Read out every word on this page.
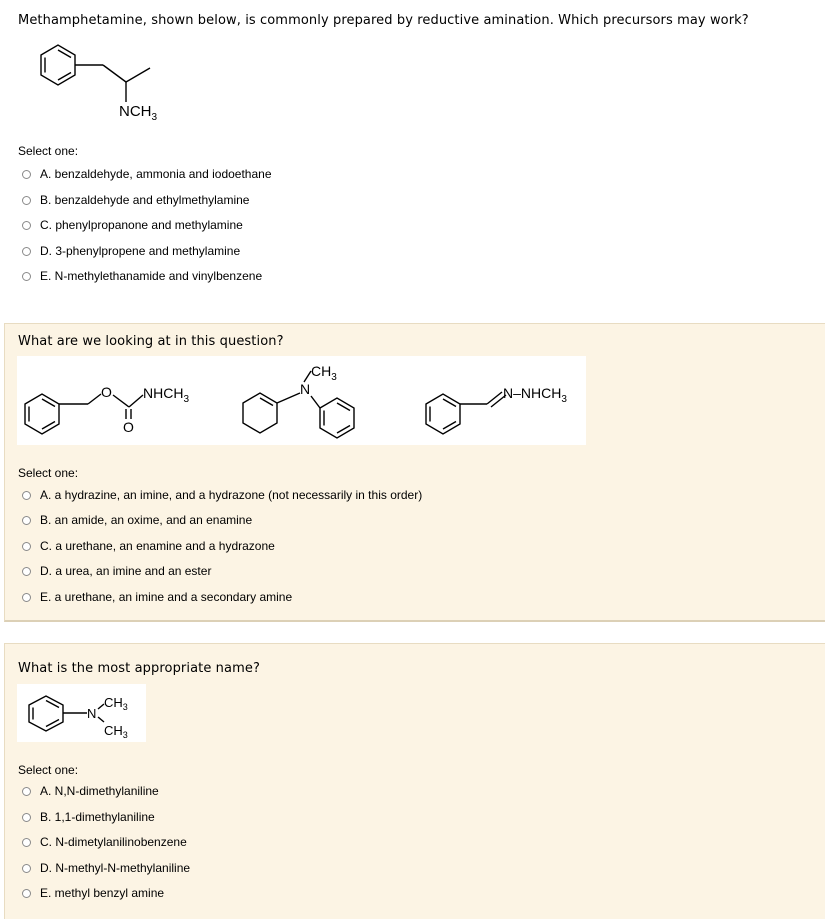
Methamphetamine, shown below, is commonly prepared by reductive amination. Which precursors may work?
$NCH_3$
Select one:
A. benzaldehyde, ammonia and iodoethane
B. benzaldehyde and ethylmethylamine
C. phenylpropanone and methylamine
D. 3-phenylpropene and methylamine
E. N-methylethanamide and vinylbenzene
What are we looking at in this question?
O $NHCH_3$
O
$CH_3$
N	$N-NHCH_3$
Select one:
A. a hydrazine, an imine, and a hydrazone (not necessarily in this order)
B. an amide, an oxime, and an enamine
C. a urethane, an enamine and a hydrazone
D. a urea, an imine and an ester
E. a urethane, an imine and a secondary amine
What is the most appropriate name?
N
$CH_3$
$CH_3$
Select one:
A. N,N-dimethylaniline
B. 1,1-dimethylaniline
C. N-dimetylanilinobenzene
D. N-methyl-N-methylaniline
E. methyl benzyl amine
